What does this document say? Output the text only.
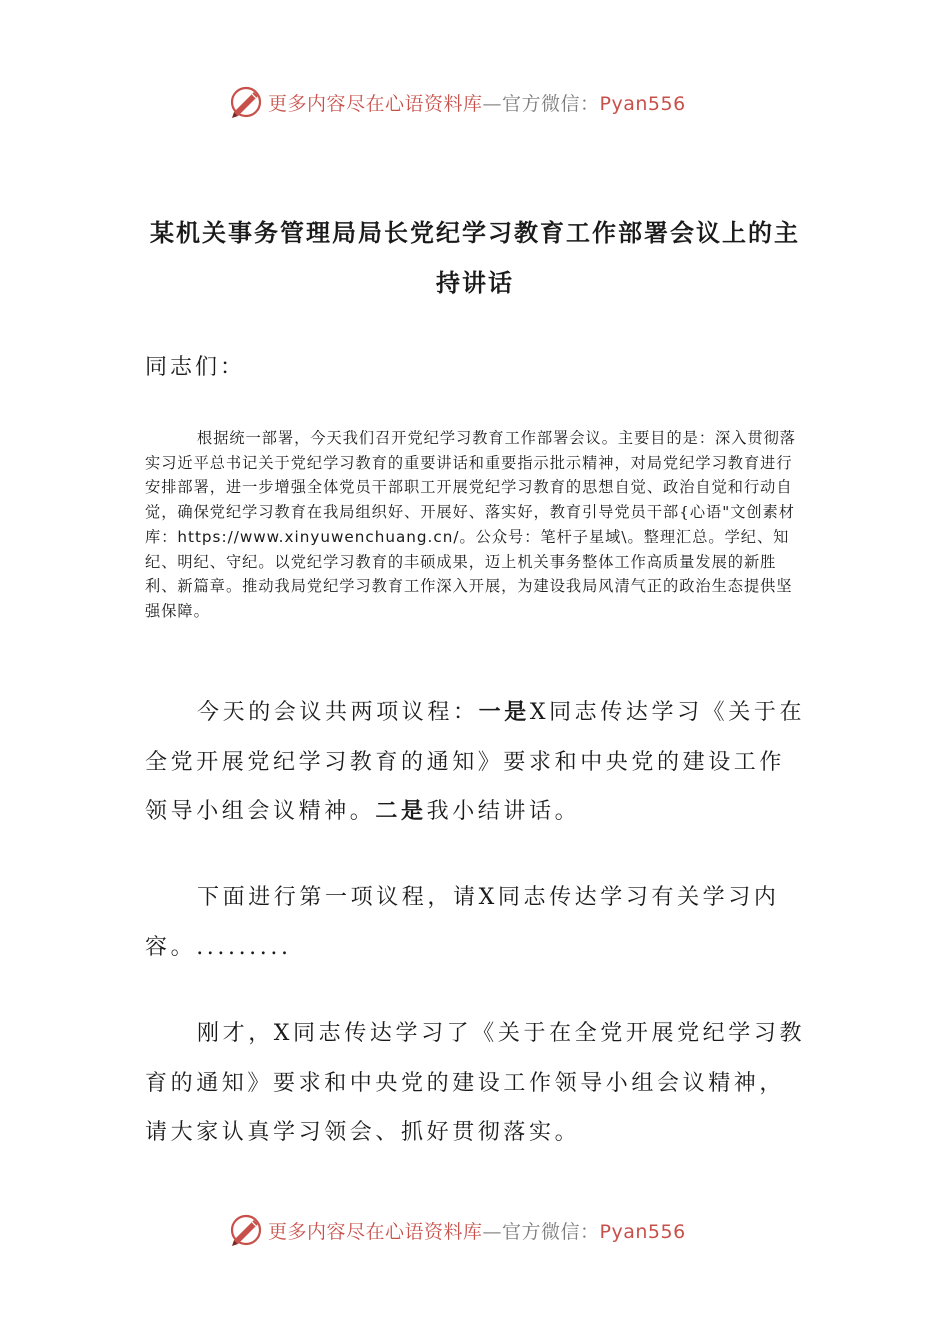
更多内容尽在心语资料库—官方微信：Pyan556
某机关事务管理局局长党纪学习教育工作部署会议上的主持讲话

同志们：

根据统一部署，今天我们召开党纪学习教育工作部署会议。主要目的是：深入贯彻落实习近平总书记关于党纪学习教育的重要讲话和重要指示批示精神，对局党纪学习教育进行安排部署，进一步增强全体党员干部职工开展党纪学习教育的思想自觉、政治自觉和行动自觉，确保党纪学习教育在我局组织好、开展好、落实好，教育引导党员干部{心语"文创素材库：https://www.xinyuwenchuang.cn/。公众号：笔杆子星域\。整理汇总。学纪、知纪、明纪、守纪。以党纪学习教育的丰硕成果，迈上机关事务整体工作高质量发展的新胜利、新篇章。推动我局党纪学习教育工作深入开展，为建设我局风清气正的政治生态提供坚强保障。

今天的会议共两项议程：一是X同志传达学习《关于在全党开展党纪学习教育的通知》要求和中央党的建设工作领导小组会议精神。二是我小结讲话。

下面进行第一项议程，请X同志传达学习有关学习内容。.........

刚才，X同志传达学习了《关于在全党开展党纪学习教育的通知》要求和中央党的建设工作领导小组会议精神，请大家认真学习领会、抓好贯彻落实。

更多内容尽在心语资料库—官方微信：Pyan556
